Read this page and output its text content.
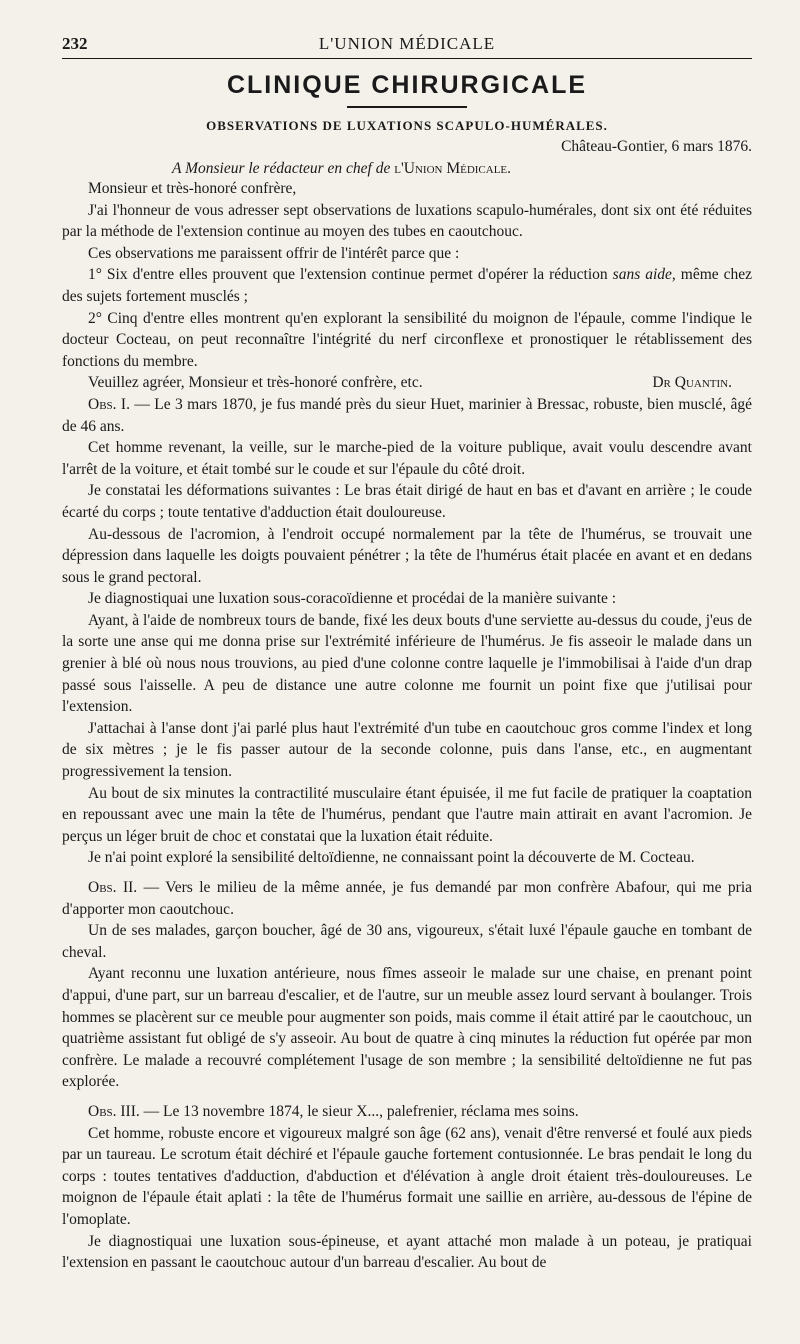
232	L'UNION MÉDICALE
CLINIQUE CHIRURGICALE
OBSERVATIONS DE LUXATIONS SCAPULO-HUMÉRALES.
Château-Gontier, 6 mars 1876.
A Monsieur le rédacteur en chef de l'Union Médicale.

Monsieur et très-honoré confrère,

J'ai l'honneur de vous adresser sept observations de luxations scapulo-humérales, dont six ont été réduites par la méthode de l'extension continue au moyen des tubes en caoutchouc.

Ces observations me paraissent offrir de l'intérêt parce que :

1° Six d'entre elles prouvent que l'extension continue permet d'opérer la réduction sans aide, même chez des sujets fortement musclés ;

2° Cinq d'entre elles montrent qu'en explorant la sensibilité du moignon de l'épaule, comme l'indique le docteur Cocteau, on peut reconnaître l'intégrité du nerf circonflexe et pronostiquer le rétablissement des fonctions du membre.

Veuillez agréer, Monsieur et très-honoré confrère, etc.	Dr Quantin.

Obs. I. — Le 3 mars 1870, je fus mandé près du sieur Huet, marinier à Bressac, robuste, bien musclé, âgé de 46 ans.

Cet homme revenant, la veille, sur le marche-pied de la voiture publique, avait voulu descendre avant l'arrêt de la voiture, et était tombé sur le coude et sur l'épaule du côté droit.

Je constatai les déformations suivantes : Le bras était dirigé de haut en bas et d'avant en arrière ; le coude écarté du corps ; toute tentative d'adduction était douloureuse.

Au-dessous de l'acromion, à l'endroit occupé normalement par la tête de l'humérus, se trouvait une dépression dans laquelle les doigts pouvaient pénétrer ; la tête de l'humérus était placée en avant et en dedans sous le grand pectoral.

Je diagnostiquai une luxation sous-coracoïdienne et procédai de la manière suivante :

Ayant, à l'aide de nombreux tours de bande, fixé les deux bouts d'une serviette au-dessus du coude, j'eus de la sorte une anse qui me donna prise sur l'extrémité inférieure de l'humérus. Je fis asseoir le malade dans un grenier à blé où nous nous trouvions, au pied d'une colonne contre laquelle je l'immobilisai à l'aide d'un drap passé sous l'aisselle. A peu de distance une autre colonne me fournit un point fixe que j'utilisai pour l'extension.

J'attachai à l'anse dont j'ai parlé plus haut l'extrémité d'un tube en caoutchouc gros comme l'index et long de six mètres ; je le fis passer autour de la seconde colonne, puis dans l'anse, etc., en augmentant progressivement la tension.

Au bout de six minutes la contractilité musculaire étant épuisée, il me fut facile de pratiquer la coaptation en repoussant avec une main la tête de l'humérus, pendant que l'autre main attirait en avant l'acromion. Je perçus un léger bruit de choc et constatai que la luxation était réduite.

Je n'ai point exploré la sensibilité deltoïdienne, ne connaissant point la découverte de M. Cocteau.

Obs. II. — Vers le milieu de la même année, je fus demandé par mon confrère Abafour, qui me pria d'apporter mon caoutchouc.

Un de ses malades, garçon boucher, âgé de 30 ans, vigoureux, s'était luxé l'épaule gauche en tombant de cheval.

Ayant reconnu une luxation antérieure, nous fîmes asseoir le malade sur une chaise, en prenant point d'appui, d'une part, sur un barreau d'escalier, et de l'autre, sur un meuble assez lourd servant à boulanger. Trois hommes se placèrent sur ce meuble pour augmenter son poids, mais comme il était attiré par le caoutchouc, un quatrième assistant fut obligé de s'y asseoir. Au bout de quatre à cinq minutes la réduction fut opérée par mon confrère. Le malade a recouvré complétement l'usage de son membre ; la sensibilité deltoïdienne ne fut pas explorée.

Obs. III. — Le 13 novembre 1874, le sieur X..., palefrenier, réclama mes soins.

Cet homme, robuste encore et vigoureux malgré son âge (62 ans), venait d'être renversé et foulé aux pieds par un taureau. Le scrotum était déchiré et l'épaule gauche fortement contusionnée. Le bras pendait le long du corps : toutes tentatives d'adduction, d'abduction et d'élévation à angle droit étaient très-douloureuses. Le moignon de l'épaule était aplati : la tête de l'humérus formait une saillie en arrière, au-dessous de l'épine de l'omoplate.

Je diagnostiquai une luxation sous-épineuse, et ayant attaché mon malade à un poteau, je pratiquai l'extension en passant le caoutchouc autour d'un barreau d'escalier. Au bout de
